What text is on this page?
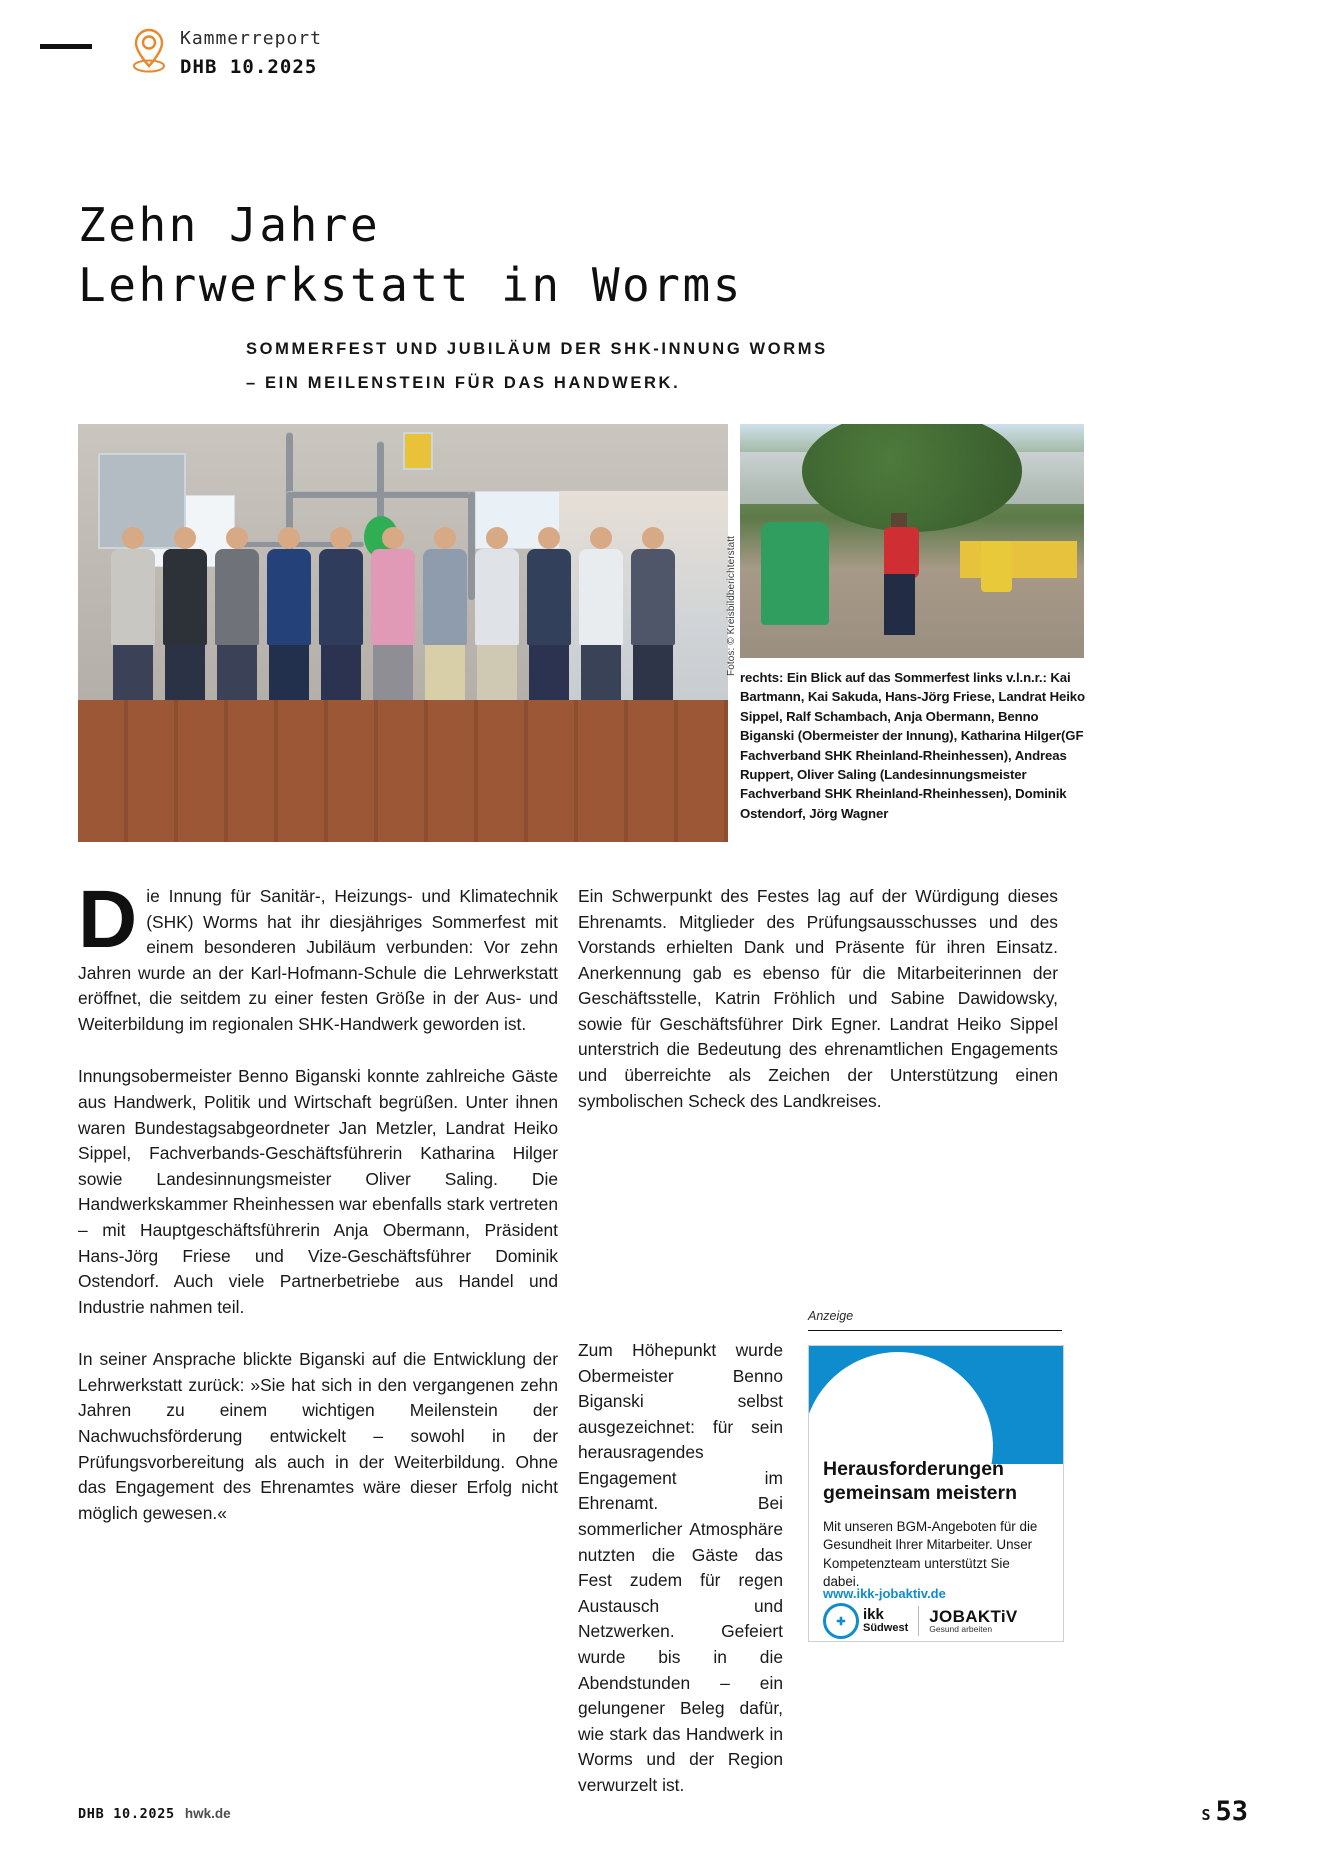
Kammerreport
DHB 10.2025
Zehn Jahre
Lehrwerkstatt in Worms
SOMMERFEST UND JUBILÄUM DER SHK-INNUNG WORMS
– EIN MEILENSTEIN FÜR DAS HANDWERK.
Fotos: © Kreisbildberichterstatt
rechts: Ein Blick auf das Sommerfest links v.l.n.r.: Kai Bartmann, Kai Sakuda, Hans-Jörg Friese, Landrat Heiko Sippel, Ralf Schambach, Anja Obermann, Benno Biganski (Obermeister der Innung), Katharina Hilger(GF Fachverband SHK Rheinland-Rheinhessen), Andreas Ruppert, Oliver Saling (Landesinnungsmeister Fachverband SHK Rheinland-Rheinhessen), Dominik Ostendorf, Jörg Wagner

Die Innung für Sanitär-, Heizungs- und Klimatechnik (SHK) Worms hat ihr diesjähriges Sommerfest mit einem besonderen Jubiläum verbunden: Vor zehn Jahren wurde an der Karl-Hofmann-Schule die Lehrwerkstatt eröffnet, die seitdem zu einer festen Größe in der Aus- und Weiterbildung im regionalen SHK-Handwerk geworden ist.

Innungsobermeister Benno Biganski konnte zahlreiche Gäste aus Handwerk, Politik und Wirtschaft begrüßen. Unter ihnen waren Bundestagsabgeordneter Jan Metzler, Landrat Heiko Sippel, Fachverbands-Geschäftsführerin Katharina Hilger sowie Landesinnungsmeister Oliver Saling. Die Handwerkskammer Rheinhessen war ebenfalls stark vertreten – mit Hauptgeschäftsführerin Anja Obermann, Präsident Hans-Jörg Friese und Vize-Geschäftsführer Dominik Ostendorf. Auch viele Partnerbetriebe aus Handel und Industrie nahmen teil.

In seiner Ansprache blickte Biganski auf die Entwicklung der Lehrwerkstatt zurück: »Sie hat sich in den vergangenen zehn Jahren zu einem wichtigen Meilenstein der Nachwuchsförderung entwickelt – sowohl in der Prüfungsvorbereitung als auch in der Weiterbildung. Ohne das Engagement des Ehrenamtes wäre dieser Erfolg nicht möglich gewesen.«

Ein Schwerpunkt des Festes lag auf der Würdigung dieses Ehrenamts. Mitglieder des Prüfungsausschusses und des Vorstands erhielten Dank und Präsente für ihren Einsatz. Anerkennung gab es ebenso für die Mitarbeiterinnen der Geschäftsstelle, Katrin Fröhlich und Sabine Dawidowsky, sowie für Geschäftsführer Dirk Egner. Landrat Heiko Sippel unterstrich die Bedeutung des ehrenamtlichen Engagements und überreichte als Zeichen der Unterstützung einen symbolischen Scheck des Landkreises.

Zum Höhepunkt wurde Obermeister Benno Biganski selbst ausgezeichnet: für sein herausragendes Engagement im Ehrenamt. Bei sommerlicher Atmosphäre nutzten die Gäste das Fest zudem für regen Austausch und Netzwerken. Gefeiert wurde bis in die Abendstunden – ein gelungener Beleg dafür, wie stark das Handwerk in Worms und der Region verwurzelt ist.

Anzeige
Herausforderungen gemeinsam meistern
Mit unseren BGM-Angeboten für die Gesundheit Ihrer Mitarbeiter. Unser Kompetenzteam unterstützt Sie dabei.
www.ikk-jobaktiv.de
✚	ikk
Südwest
JOBAKTiV
Gesund arbeiten
DHB 10.2025 hwk.de	S 53
